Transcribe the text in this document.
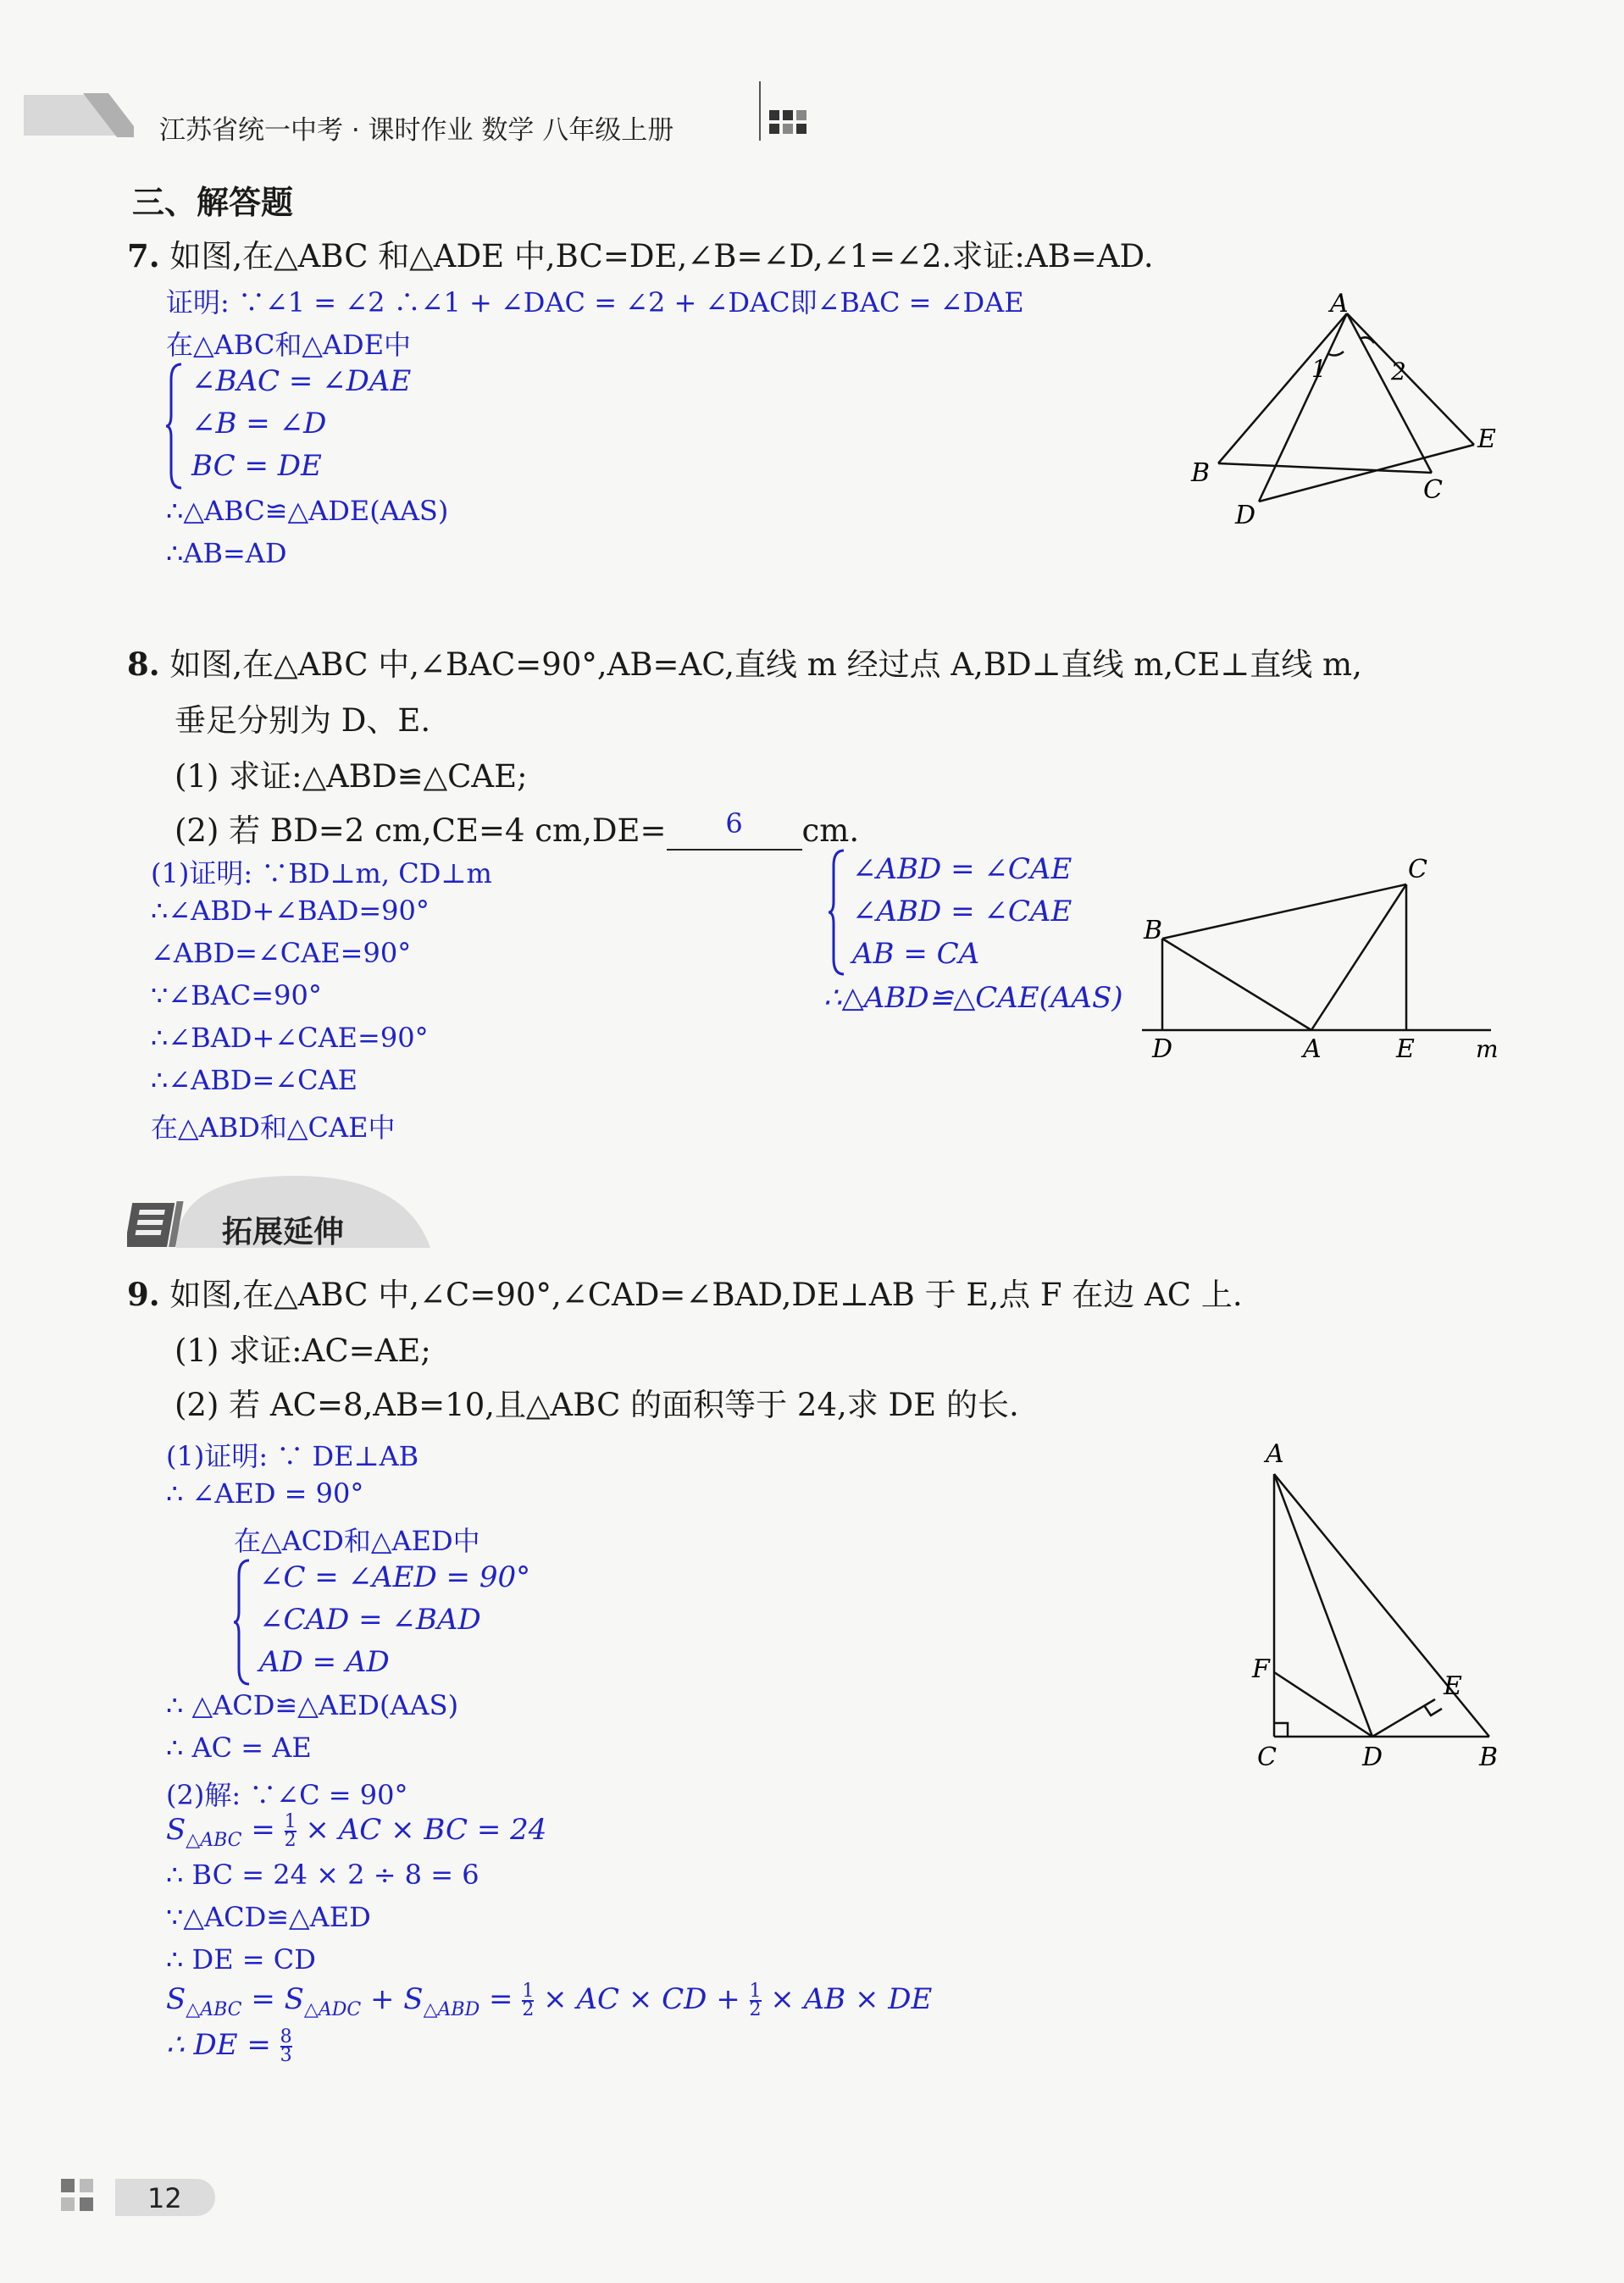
江苏省统一中考 · 课时作业 数学 八年级上册
三、解答题
7. 如图,在△ABC 和△ADE 中,BC=DE,∠B=∠D,∠1=∠2.求证:AB=AD.
证明: ∵∠1 = ∠2 ∴∠1 + ∠DAC = ∠2 + ∠DAC即∠BAC = ∠DAE
在△ABC和△ADE中
∠BAC = ∠DAE
∠B = ∠D
BC = DE
∴△ABC≌△ADE(AAS)
∴AB=AD
A
1	2
B
C
D
E
8. 如图,在△ABC 中,∠BAC=90°,AB=AC,直线 m 经过点 A,BD⊥直线 m,CE⊥直线 m,
垂足分别为 D、E.
(1) 求证:△ABD≌△CAE;
(2) 若 BD=2 cm,CE=4 cm,DE= 6 cm.
(1)证明: ∵BD⊥m, CD⊥m
∴∠ABD+∠BAD=90°
∠ABD=∠CAE=90°
∵∠BAC=90°
∴∠BAD+∠CAE=90°
∴∠ABD=∠CAE
在△ABD和△CAE中
∠ABD = ∠CAE
∠ABD = ∠CAE
AB = CA
∴△ABD≌△CAE(AAS)
C
B
D	A	E	m
拓展延伸
9. 如图,在△ABC 中,∠C=90°,∠CAD=∠BAD,DE⊥AB 于 E,点 F 在边 AC 上.
(1) 求证:AC=AE;
(2) 若 AC=8,AB=10,且△ABC 的面积等于 24,求 DE 的长.
(1)证明: ∵ DE⊥AB
∴ ∠AED = 90°
在△ACD和△AED中
∠C = ∠AED = 90°
∠CAD = ∠BAD
AD = AD
∴ △ACD≌△AED(AAS)
∴ AC = AE
(2)解: ∵∠C = 90°
$S_{\triangle ABC} = \frac{1}{2}$ × AC × BC = 24
∴ BC = 24 × 2 ÷ 8 = 6
∵△ACD≌△AED
∴ DE = CD
$S_{\triangle ABC} = S_{\triangle ADC} + S_{\triangle ABD} = \frac{1}{2}$ × AC × CD + $\frac{1}{2}$ × AB × DE
∴ DE = $\frac{8}{3}$
A
F
E
C	D	B
12
